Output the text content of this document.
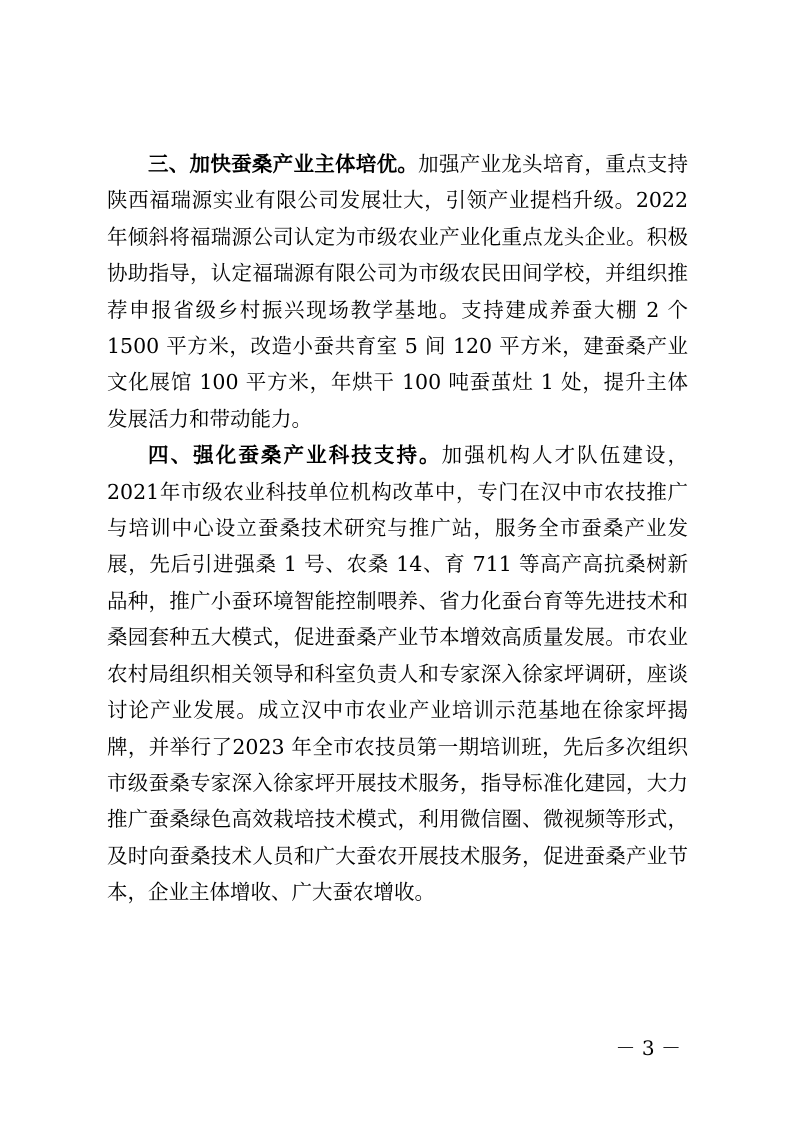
三、加快蚕桑产业主体培优。加强产业龙头培育，重点支持陕西福瑞源实业有限公司发展壮大，引领产业提档升级。2022年倾斜将福瑞源公司认定为市级农业产业化重点龙头企业。积极协助指导，认定福瑞源有限公司为市级农民田间学校，并组织推荐申报省级乡村振兴现场教学基地。支持建成养蚕大棚 2 个 1500 平方米，改造小蚕共育室 5 间 120 平方米，建蚕桑产业文化展馆 100 平方米，年烘干 100 吨蚕茧灶 1 处，提升主体发展活力和带动能力。

四、强化蚕桑产业科技支持。加强机构人才队伍建设，2021年市级农业科技单位机构改革中，专门在汉中市农技推广与培训中心设立蚕桑技术研究与推广站，服务全市蚕桑产业发展，先后引进强桑 1 号、农桑 14、育 711 等高产高抗桑树新品种，推广小蚕环境智能控制喂养、省力化蚕台育等先进技术和桑园套种五大模式，促进蚕桑产业节本增效高质量发展。市农业农村局组织相关领导和科室负责人和专家深入徐家坪调研，座谈讨论产业发展。成立汉中市农业产业培训示范基地在徐家坪揭牌，并举行了2023 年全市农技员第一期培训班，先后多次组织市级蚕桑专家深入徐家坪开展技术服务，指导标准化建园，大力推广蚕桑绿色高效栽培技术模式，利用微信圈、微视频等形式，及时向蚕桑技术人员和广大蚕农开展技术服务，促进蚕桑产业节本，企业主体增收、广大蚕农增收。

－ 3 －
